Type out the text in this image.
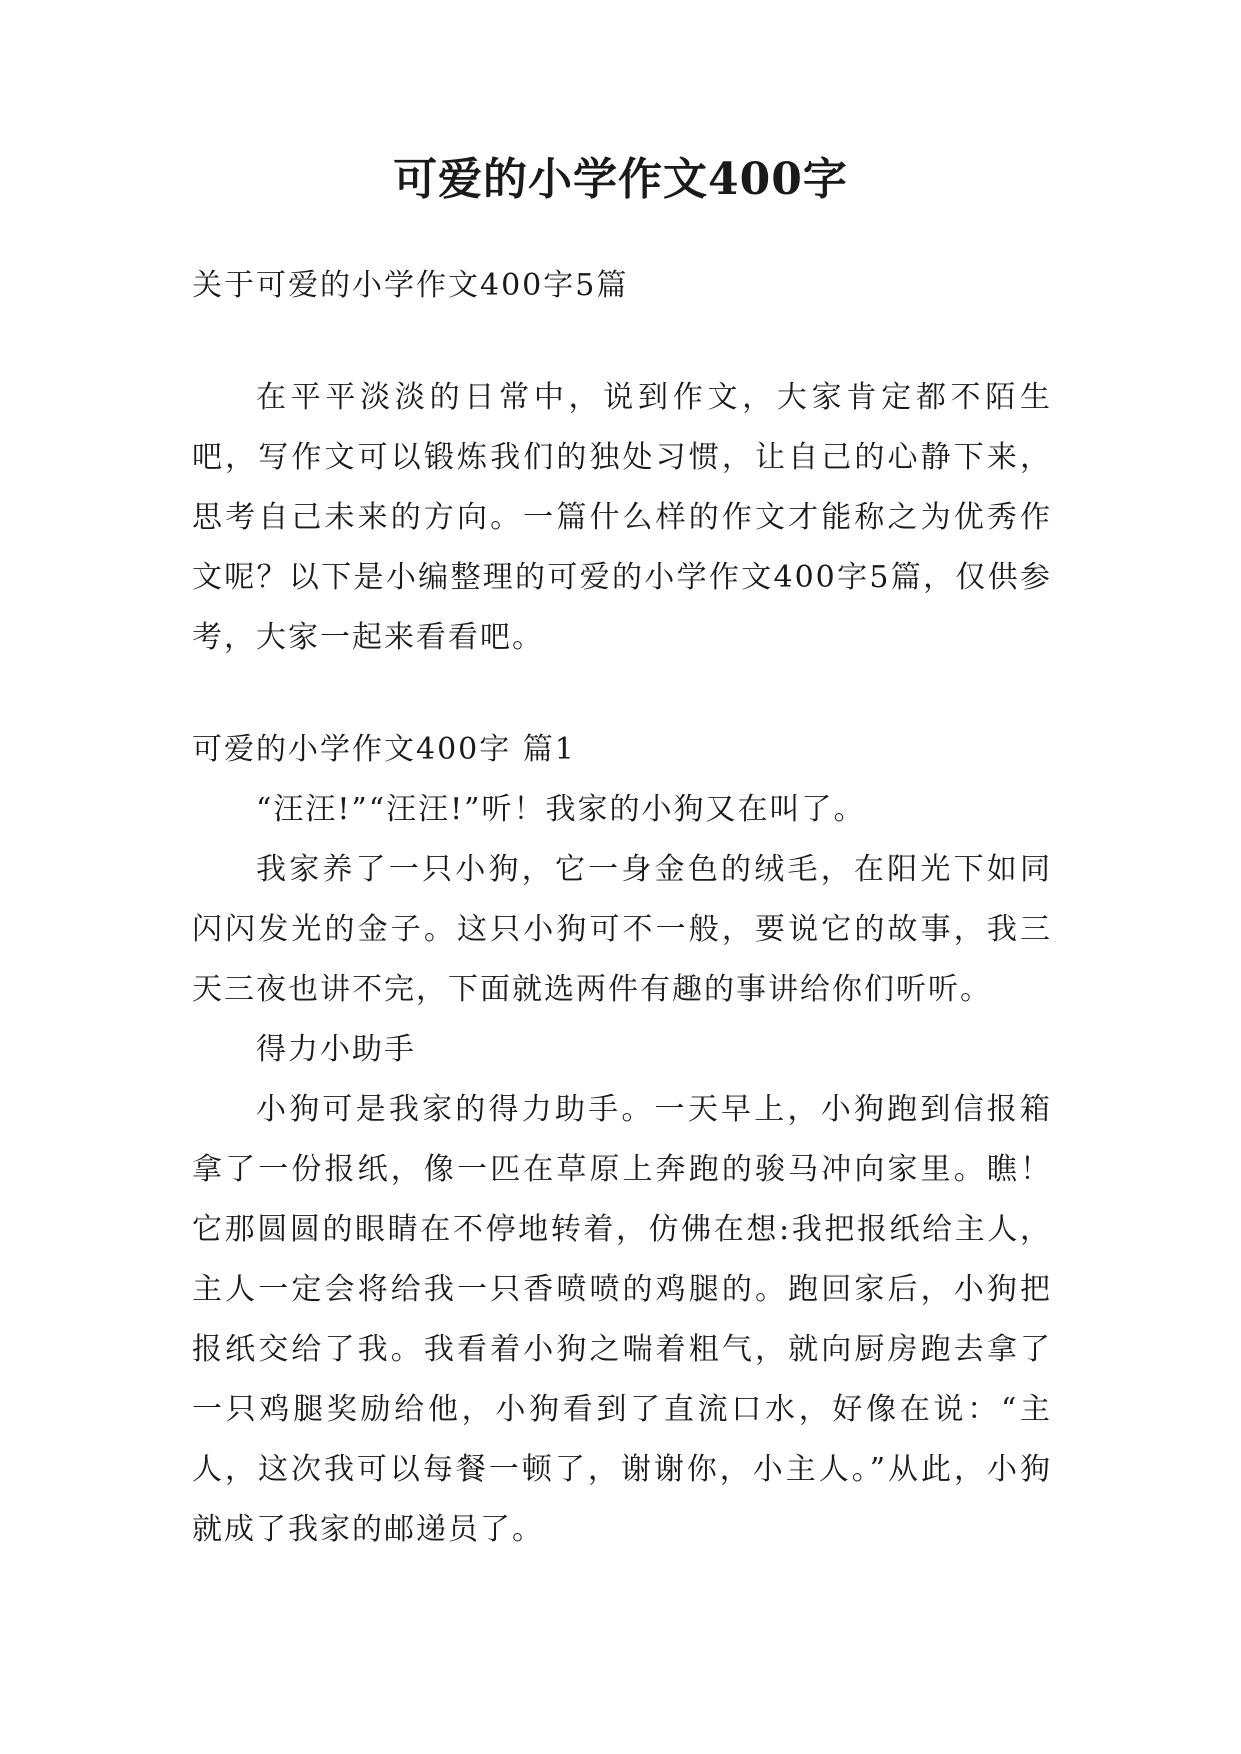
可爱的小学作文400字

关于可爱的小学作文400字5篇

在平平淡淡的日常中，说到作文，大家肯定都不陌生吧，写作文可以锻炼我们的独处习惯，让自己的心静下来，思考自己未来的方向。一篇什么样的作文才能称之为优秀作文呢？以下是小编整理的可爱的小学作文400字5篇，仅供参考，大家一起来看看吧。

可爱的小学作文400字 篇1

“汪汪!”“汪汪!”听！我家的小狗又在叫了。

我家养了一只小狗，它一身金色的绒毛，在阳光下如同闪闪发光的金子。这只小狗可不一般，要说它的故事，我三天三夜也讲不完，下面就选两件有趣的事讲给你们听听。

得力小助手

小狗可是我家的得力助手。一天早上，小狗跑到信报箱拿了一份报纸，像一匹在草原上奔跑的骏马冲向家里。瞧！它那圆圆的眼睛在不停地转着，仿佛在想:我把报纸给主人，主人一定会将给我一只香喷喷的鸡腿的。跑回家后，小狗把报纸交给了我。我看着小狗之喘着粗气，就向厨房跑去拿了一只鸡腿奖励给他，小狗看到了直流口水，好像在说：“主人，这次我可以每餐一顿了，谢谢你，小主人。”从此，小狗就成了我家的邮递员了。
